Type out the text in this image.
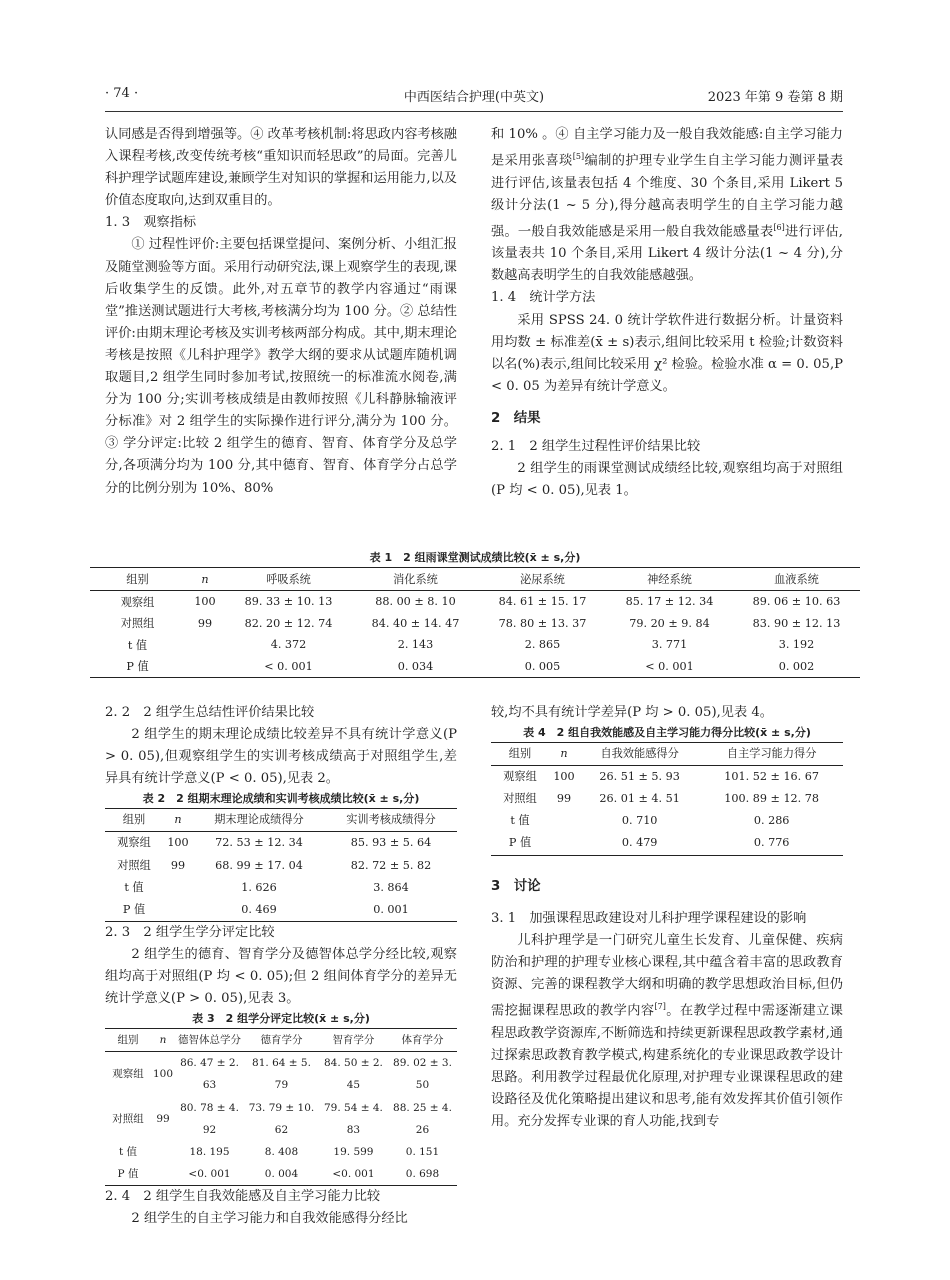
· 74 ·	中西医结合护理(中英文)	2023 年第 9 卷第 8 期

认同感是否得到增强等。④ 改革考核机制:将思政内容考核融入课程考核,改变传统考核“重知识而轻思政”的局面。完善儿科护理学试题库建设,兼顾学生对知识的掌握和运用能力,以及价值态度取向,达到双重目的。

1. 3　观察指标

① 过程性评价:主要包括课堂提问、案例分析、小组汇报及随堂测验等方面。采用行动研究法,课上观察学生的表现,课后收集学生的反馈。此外,对五章节的教学内容通过“雨课堂”推送测试题进行大考核,考核满分均为 100 分。② 总结性评价:由期末理论考核及实训考核两部分构成。其中,期末理论考核是按照《儿科护理学》教学大纲的要求从试题库随机调取题目,2 组学生同时参加考试,按照统一的标准流水阅卷,满分为 100 分;实训考核成绩是由教师按照《儿科静脉输液评分标准》对 2 组学生的实际操作进行评分,满分为 100 分。③ 学分评定:比较 2 组学生的德育、智育、体育学分及总学分,各项满分均为 100 分,其中德育、智育、体育学分占总学分的比例分别为 10%、80%

和 10% 。④ 自主学习能力及一般自我效能感:自主学习能力是采用张喜琰[5]编制的护理专业学生自主学习能力测评量表进行评估,该量表包括 4 个维度、30 个条目,采用 Likert 5 级计分法(1 ~ 5 分),得分越高表明学生的自主学习能力越强。一般自我效能感是采用一般自我效能感量表[6]进行评估,该量表共 10 个条目,采用 Likert 4 级计分法(1 ~ 4 分),分数越高表明学生的自我效能感越强。

1. 4　统计学方法

采用 SPSS 24. 0 统计学软件进行数据分析。计量资料用均数 ± 标准差(x̄ ± s)表示,组间比较采用 t 检验;计数资料以名(%)表示,组间比较采用 χ² 检验。检验水准 α = 0. 05,P < 0. 05 为差异有统计学意义。

2　结果

2. 1　2 组学生过程性评价结果比较

2 组学生的雨课堂测试成绩经比较,观察组均高于对照组(P 均 < 0. 05),见表 1。

表 1　2 组雨课堂测试成绩比较(x̄ ± s,分)
组别	n	呼吸系统	消化系统	泌尿系统	神经系统	血液系统
观察组	100	89. 33 ± 10. 13	88. 00 ± 8. 10	84. 61 ± 15. 17	85. 17 ± 12. 34	89. 06 ± 10. 63
对照组	99	82. 20 ± 12. 74	84. 40 ± 14. 47	78. 80 ± 13. 37	79. 20 ± 9. 84	83. 90 ± 12. 13
t 值		4. 372	2. 143	2. 865	3. 771	3. 192
P 值		< 0. 001	0. 034	0. 005	< 0. 001	0. 002

2. 2　2 组学生总结性评价结果比较

2 组学生的期末理论成绩比较差异不具有统计学意义(P > 0. 05),但观察组学生的实训考核成绩高于对照组学生,差异具有统计学意义(P < 0. 05),见表 2。

表 2　2 组期末理论成绩和实训考核成绩比较(x̄ ± s,分)
组别	n	期末理论成绩得分	实训考核成绩得分
观察组	100	72. 53 ± 12. 34	85. 93 ± 5. 64
对照组	99	68. 99 ± 17. 04	82. 72 ± 5. 82
t 值		1. 626	3. 864
P 值		0. 469	0. 001

2. 3　2 组学生学分评定比较

2 组学生的德育、智育学分及德智体总学分经比较,观察组均高于对照组(P 均 < 0. 05);但 2 组间体育学分的差异无统计学意义(P > 0. 05),见表 3。

表 3　2 组学分评定比较(x̄ ± s,分)
组别	n	德智体总学分	德育学分	智育学分	体育学分
观察组	100	86. 47 ± 2. 63	81. 64 ± 5. 79	84. 50 ± 2. 45	89. 02 ± 3. 50
对照组	99	80. 78 ± 4. 92	73. 79 ± 10. 62	79. 54 ± 4. 83	88. 25 ± 4. 26
t 值		18. 195	8. 408	19. 599	0. 151
P 值		<0. 001	0. 004	<0. 001	0. 698

2. 4　2 组学生自我效能感及自主学习能力比较

2 组学生的自主学习能力和自我效能感得分经比

较,均不具有统计学差异(P 均 > 0. 05),见表 4。

表 4　2 组自我效能感及自主学习能力得分比较(x̄ ± s,分)
组别	n	自我效能感得分	自主学习能力得分
观察组	100	26. 51 ± 5. 93	101. 52 ± 16. 67
对照组	99	26. 01 ± 4. 51	100. 89 ± 12. 78
t 值		0. 710	0. 286
P 值		0. 479	0. 776

3　讨论

3. 1　加强课程思政建设对儿科护理学课程建设的影响

儿科护理学是一门研究儿童生长发育、儿童保健、疾病防治和护理的护理专业核心课程,其中蕴含着丰富的思政教育资源、完善的课程教学大纲和明确的教学思想政治目标,但仍需挖掘课程思政的教学内容[7]。在教学过程中需逐渐建立课程思政教学资源库,不断筛选和持续更新课程思政教学素材,通过探索思政教育教学模式,构建系统化的专业课思政教学设计思路。利用教学过程最优化原理,对护理专业课课程思政的建设路径及优化策略提出建议和思考,能有效发挥其价值引领作用。充分发挥专业课的育人功能,找到专
